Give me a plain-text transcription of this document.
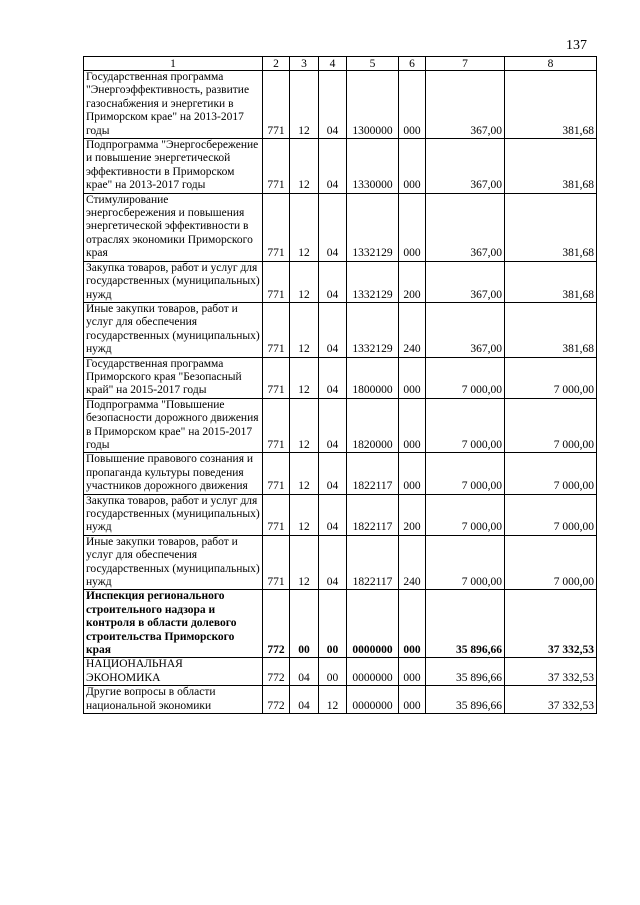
137
1	2	3	4	5	6	7	8
Государственная программа "Энергоэффективность, развитие газоснабжения и энергетики в Приморском крае" на 2013-2017 годы	771	12	04	1300000	000	367,00	381,68
Подпрограмма "Энергосбережение и повышение энергетической эффективности в Приморском крае" на 2013-2017 годы	771	12	04	1330000	000	367,00	381,68
Стимулирование энергосбережения и повышения энергетической эффективности в отраслях экономики Приморского края	771	12	04	1332129	000	367,00	381,68
Закупка товаров, работ и услуг для государственных (муниципальных) нужд	771	12	04	1332129	200	367,00	381,68
Иные закупки товаров, работ и услуг для обеспечения государственных (муниципальных) нужд	771	12	04	1332129	240	367,00	381,68
Государственная программа Приморского края "Безопасный край" на 2015-2017 годы	771	12	04	1800000	000	7 000,00	7 000,00
Подпрограмма "Повышение безопасности дорожного движения в Приморском крае" на 2015-2017 годы	771	12	04	1820000	000	7 000,00	7 000,00
Повышение правового сознания и пропаганда культуры поведения участников дорожного движения	771	12	04	1822117	000	7 000,00	7 000,00
Закупка товаров, работ и услуг для государственных (муниципальных) нужд	771	12	04	1822117	200	7 000,00	7 000,00
Иные закупки товаров, работ и услуг для обеспечения государственных (муниципальных) нужд	771	12	04	1822117	240	7 000,00	7 000,00
Инспекция регионального строительного надзора и контроля в области долевого строительства Приморского края	772	00	00	0000000	000	35 896,66	37 332,53
НАЦИОНАЛЬНАЯ ЭКОНОМИКА	772	04	00	0000000	000	35 896,66	37 332,53
Другие вопросы в области национальной экономики	772	04	12	0000000	000	35 896,66	37 332,53
